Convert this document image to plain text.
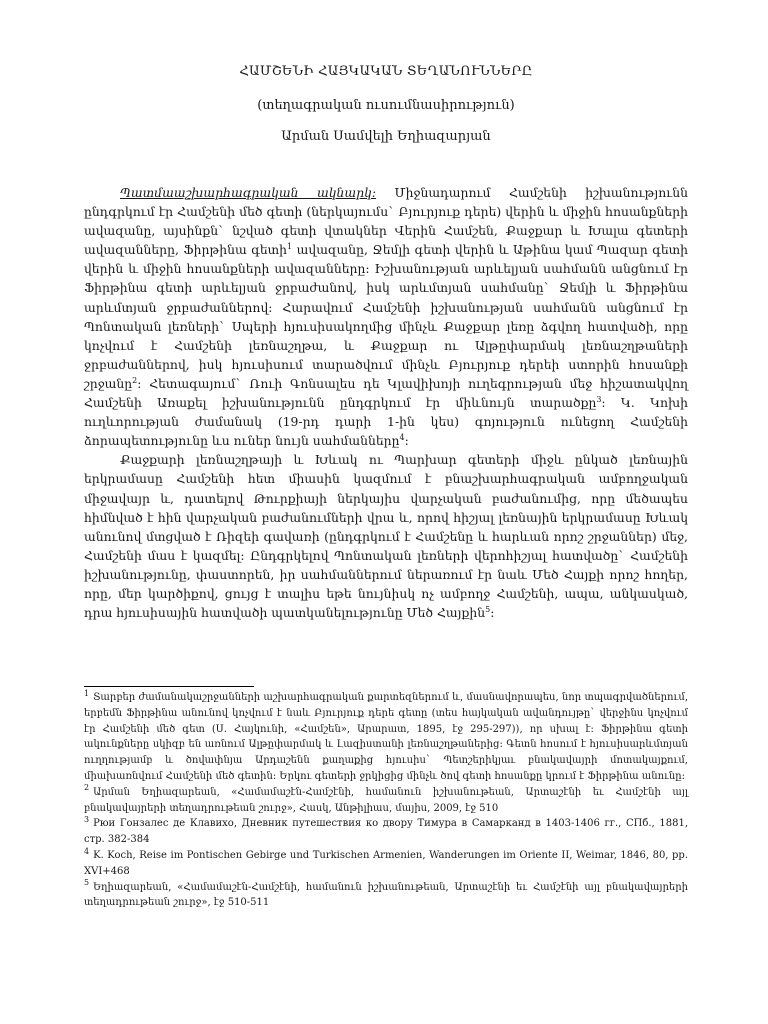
ՀԱՄՇԵՆԻ ՀԱՅԿԱԿԱՆ ՏԵՂԱՆՈՒՆՆԵՐԸ

(տեղագրական ուսումնասիրություն)

Արման Սամվելի Եղիազարյան

Պատմաաշխարհագրական ակնարկ: Միջնադարում Համշենի իշխանությունն ընդգրկում էր Համշենի մեծ գետի (ներկայումս` Բյուրյուք դերե) վերին և միջին հոսանքների ավազանը, այսինքն` նշված գետի վտակներ Վերին Համշեն, Քաջքար և Խալա գետերի ավազանները, Ֆիրթինա գետի$^1$ ավազանը, Ջեմլի գետի վերին և Աթինա կամ Պազար գետի վերին և միջին հոսանքների ավազանները: Իշխանության արևելյան սահմանն անցնում էր Ֆիրթինա գետի արևելյան ջրբաժանով, իսկ արևմտյան սահմանը` Ջեմլի և Ֆիրթինա արևմտյան ջրբաժաններով: Հարավում Համշենի իշխանության սահմանն անցնում էր Պոնտական լեռների` Սպերի հյուսիսակողմից մինչև Քաջքար լեռը ձգվող հատվածի, որը կոչվում է Համշենի լեռնաշղթա, և Քաջքար ու Ալթըփարմակ լեռնաշղթաների ջրբաժաններով, իսկ հյուսիսում տարածվում մինչև Բյուրյուք դերեի ստորին հոսանքի շրջանը$^2$: Հետագայում` Ռուի Գոնսալես դե Կլավիխոյի ուղեգրության մեջ հիշատակվող Համշենի Առաքել իշխանությունն ընդգրկում էր միևնույն տարածքը$^3$: Կ. Կոխի ուղևորության ժամանակ (19-րդ դարի 1-ին կես) գոյություն ունեցող Համշենի ձորապետությունը ևս ուներ նույն սահմանները$^4$:

Քաջքարի լեռնաշղթայի և Խևակ ու Պարխար գետերի միջև ընկած լեռնային երկրամասը Համշենի հետ միասին կազմում է բնաշխարհագրական ամբողջական միջավայր և, դատելով Թուրքիայի ներկայիս վարչական բաժանումից, որը մեծապես հիմնված է հին վարչական բաժանումների վրա և, որով հիշյալ լեռնային երկրամասը Խևակ անունով մտցված է Ռիզեի գավառի (ընդգրկում է Համշենը և հարևան որոշ շրջաններ) մեջ, Համշենի մաս է կազմել: Ընդգրկելով Պոնտական լեռների վերոհիշյալ հատվածը` Համշենի իշխանությունը, փաստորեն, իր սահմաններում ներառում էր նաև Մեծ Հայքի որոշ հողեր, որը, մեր կարծիքով, ցույց է տալիս եթե նույնիսկ ոչ ամբողջ Համշենի, ապա, անկասկած, դրա հյուսիսային հատվածի պատկանելությունը Մեծ Հայքին$^5$:

$^1$ Տարբեր ժամանակաշրջանների աշխարհագրական քարտեզներում և, մասնավորապես, նոր տպագրվածներում, երբեմն Ֆիրթինա անունով կոչվում է նաև Բյուրյուք դերե գետը (տես հայկական ավանդույթը` վերջինս կոչվում էր Համշենի մեծ գետ (Ս. Հայկունի, «Համշեն», Արարատ, 1895, էջ 295-297)), որ սխալ է: Ֆիրթինա գետի ակունքները սկիզբ են առնում Ալթըփարմակ և Լազիստանի լեռնաշղթաներից: Գետն հոսում է հյուսիսարևմտյան ուղղությամբ և ծովափնյա Արդաշենն քաղաքից հյուսիս` Պետշերիկյաւ բնակավայրի մոտակայքում, միախառնվում Համշենի մեծ գետին: Երկու գետերի ջրկիցից մինչև ծով գետի հոսանքը կրում է Ֆիրթինա անունը:

$^2$ Արման Եղիազարեան, «Համամաշէն-Համշէնի, համանուն իշխանութեան, Արտաշէնի եւ Համշէնի այլ բնակավայրերի տեղադրութեան շուրջ», Հասկ, Անթիլիաս, մայիս, 2009, էջ 510

$^3$ Рюи Гонзалес де Клавихо, Дневник путешествия ко двору Тимура в Самарканд в 1403-1406 гг., СПб., 1881, стр. 382-384

$^4$ K. Koch, Reise im Pontischen Gebirge und Turkischen Armenien, Wanderungen im Oriente II, Weimar, 1846, 80, pp. XVI+468

$^5$ Եղիազարեան, «Համամաշէն-Համշէնի, համանուն իշխանութեան, Արտաշէնի եւ Համշէնի այլ բնակավայրերի տեղադրութեան շուրջ», էջ 510-511
